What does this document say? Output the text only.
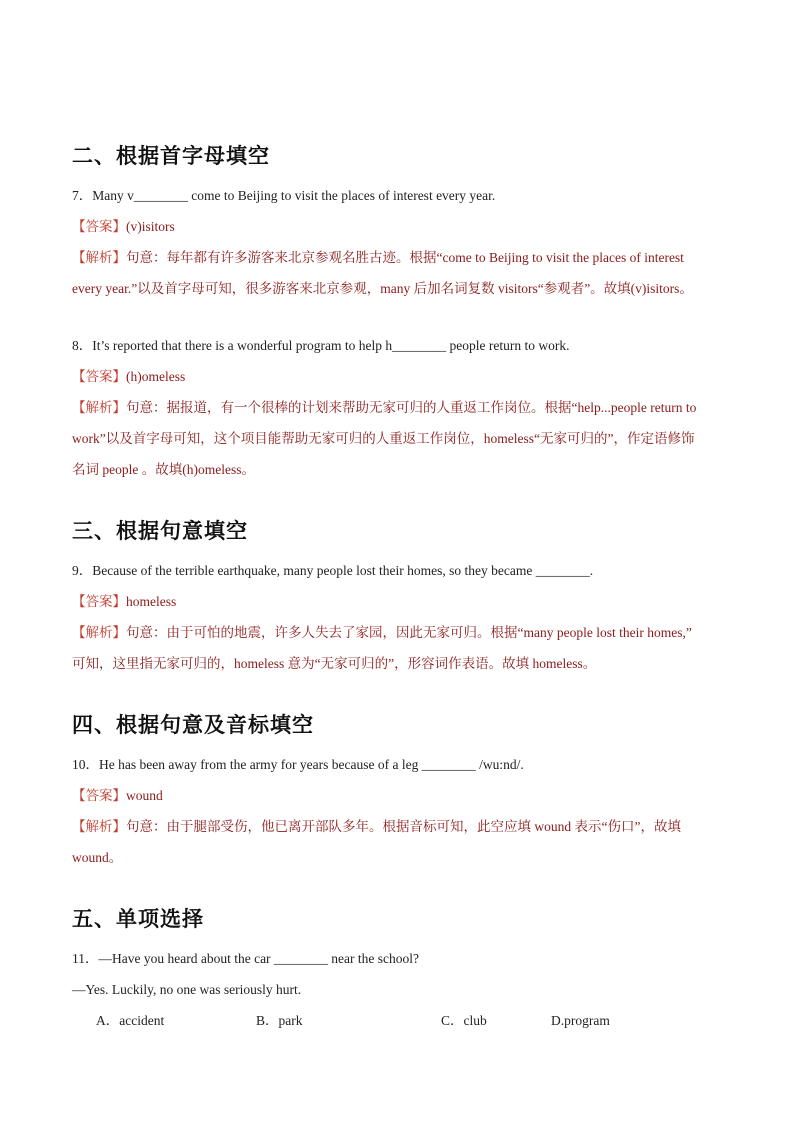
二、根据首字母填空

7．Many v________ come to Beijing to visit the places of interest every year.

【答案】(v)isitors

【解析】句意：每年都有许多游客来北京参观名胜古迹。根据“come to Beijing to visit the places of interest

every year.”以及首字母可知，很多游客来北京参观，many 后加名词复数 visitors“参观者”。故填(v)isitors。

8．It’s reported that there is a wonderful program to help h________ people return to work.

【答案】(h)omeless

【解析】句意：据报道，有一个很棒的计划来帮助无家可归的人重返工作岗位。根据“help...people return to

work”以及首字母可知，这个项目能帮助无家可归的人重返工作岗位，homeless“无家可归的”，作定语修饰

名词 people 。故填(h)omeless。

三、根据句意填空

9．Because of the terrible earthquake, many people lost their homes, so they became ________.

【答案】homeless

【解析】句意：由于可怕的地震，许多人失去了家园，因此无家可归。根据“many people lost their homes,”

可知，这里指无家可归的，homeless 意为“无家可归的”，形容词作表语。故填 homeless。

四、根据句意及音标填空

10．He has been away from the army for years because of a leg ________ /wu:nd/.

【答案】wound

【解析】句意：由于腿部受伤，他已离开部队多年。根据音标可知，此空应填 wound 表示“伤口”，故填

wound。

五、单项选择

11．—Have you heard about the car ________ near the school?

—Yes. Luckily, no one was seriously hurt.

A．accident	B．park	C．club	D.program
